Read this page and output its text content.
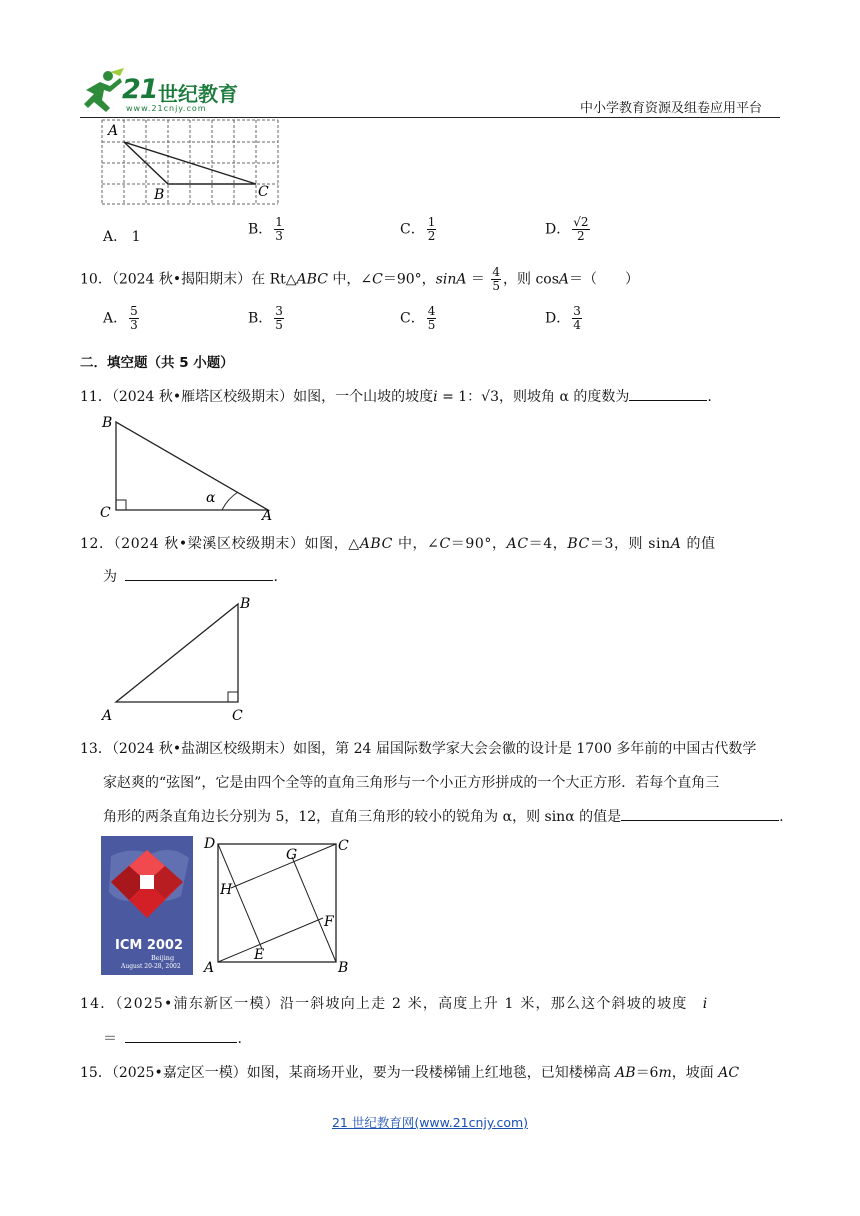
21 世纪教育
www.21cnjy.com	中小学教育资源及组卷应用平台
A
B	C
A． 1	B． $\frac{1}{3}$	C． $\frac{1}{2}$	D． $\frac{√2}{2}$
10．（2024 秋•揭阳期末）在 Rt△ABC 中，∠C＝90°，$\sin A = \frac{4}{5}$ ，则 cosA＝（　　）
A． $\frac{5}{3}$	B． $\frac{3}{5}$	C． $\frac{4}{5}$	D． $\frac{3}{4}$
二．填空题（共 5 小题）
11．（2024 秋•雁塔区校级期末）如图，一个山坡的坡度i = 1：√3，则坡角 α 的度数为	.
B
C	A
α
12．（2024 秋•梁溪区校级期末）如图，△ABC 中，∠C＝90°，AC＝4，BC＝3，则 sinA 的值
为	.
B
A	C
13．（2024 秋•盐湖区校级期末）如图，第 24 届国际数学家大会会徽的设计是 1700 多年前的中国古代数学
家赵爽的“弦图”，它是由四个全等的直角三角形与一个小正方形拼成的一个大正方形．若每个直角三
角形的两条直角边长分别为 5，12，直角三角形的较小的锐角为 α，则 sinα 的值是	.
ICM 2002
Beijing
August 20-28, 2002
D
G
C
H
F
A
E
B
14．（2025•浦东新区一模）沿一斜坡向上走 2 米，高度上升 1 米，那么这个斜坡的坡度　 i
＝	.
15．（2025•嘉定区一模）如图，某商场开业，要为一段楼梯铺上红地毯，已知楼梯高 AB＝6m，坡面 AC
21 世纪教育网(www.21cnjy.com)
